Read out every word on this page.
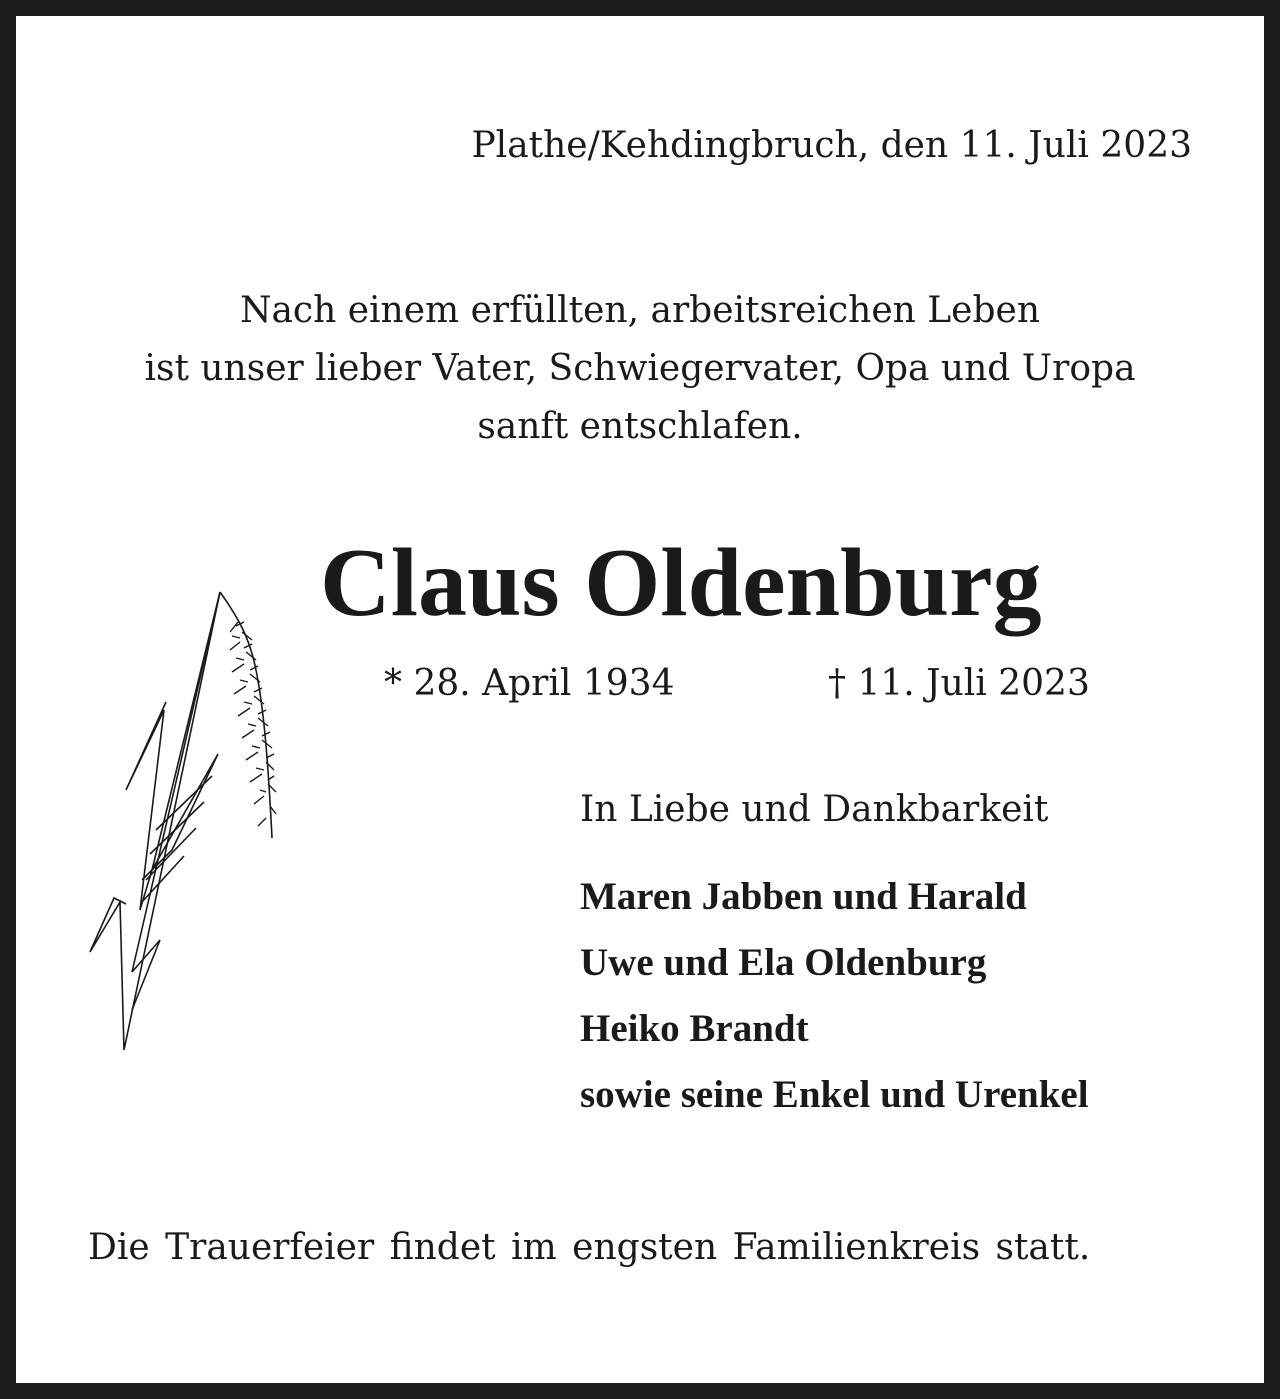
Plathe/Kehdingbruch, den 11. Juli 2023
Nach einem erfüllten, arbeitsreichen Leben
ist unser lieber Vater, Schwiegervater, Opa und Uropa
sanft entschlafen.
Claus Oldenburg
* 28. April 1934	† 11. Juli 2023
In Liebe und Dankbarkeit
Maren Jabben und Harald
Uwe und Ela Oldenburg
Heiko Brandt
sowie seine Enkel und Urenkel
Die Trauerfeier findet im engsten Familienkreis statt.
